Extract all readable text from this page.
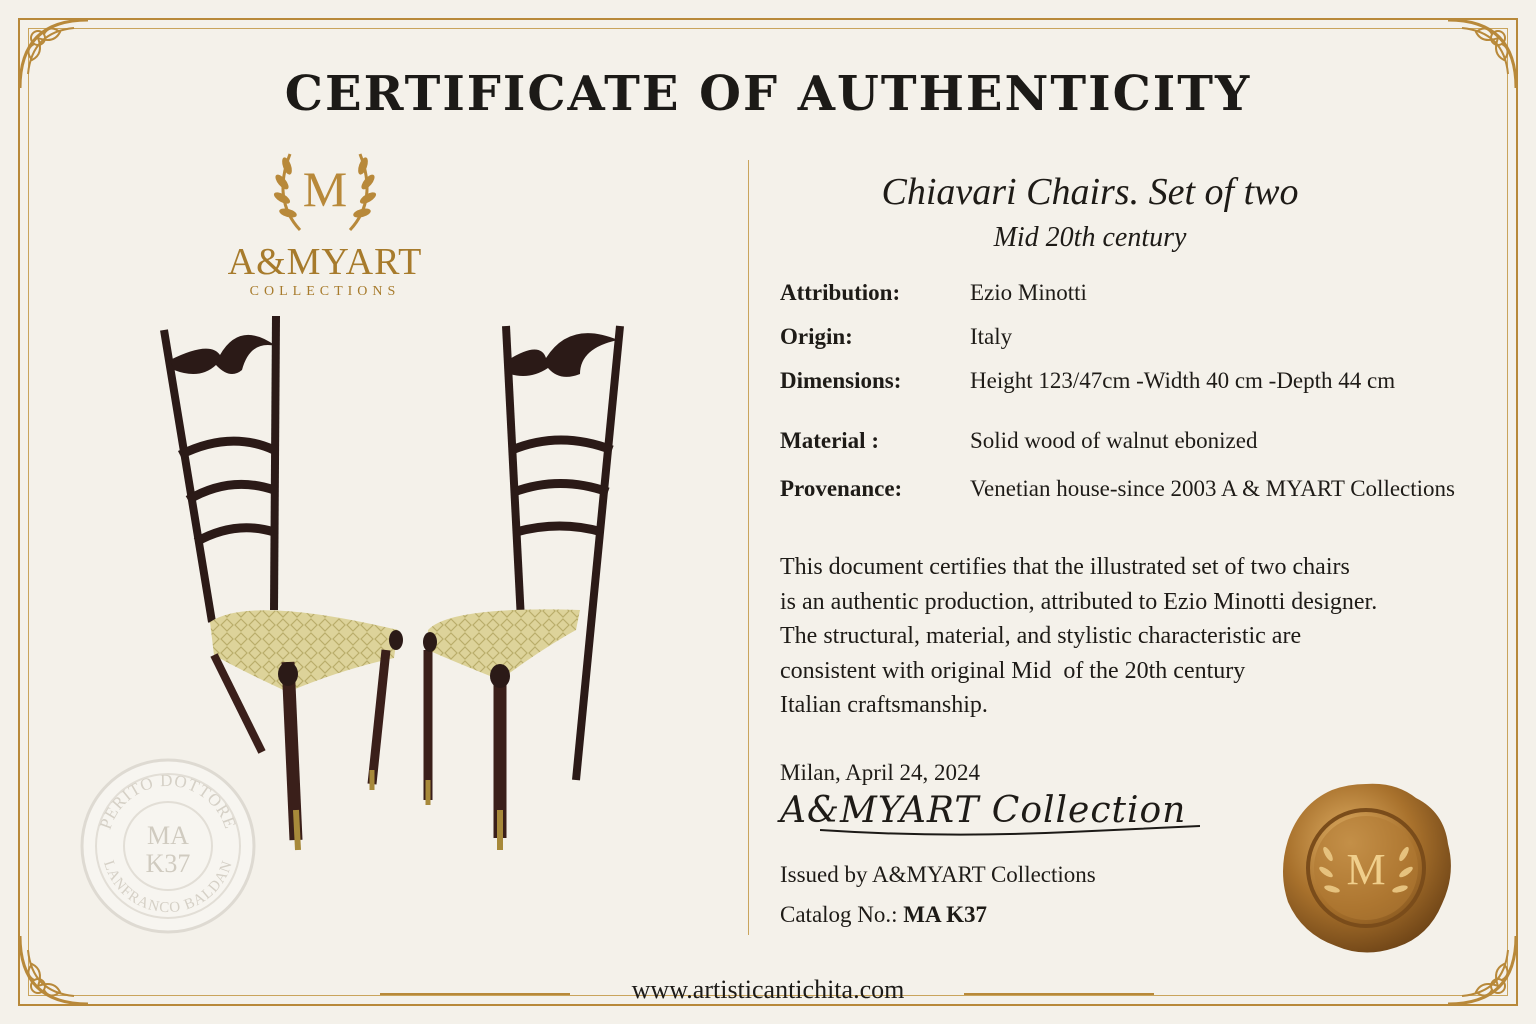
CERTIFICATE OF AUTHENTICITY
M
A&MYART
COLLECTIONS
PERITO DOTTORE
LANFRANCO BALDAN
MA
K37
Chiavari Chairs. Set of two
Mid 20th century
Attribution:	Ezio Minotti
Origin:	Italy
Dimensions:	Height 123/47cm -Width 40 cm -Depth 44 cm
Material :	Solid wood of walnut ebonized
Provenance:	Venetian house-since 2003 A & MYART Collections
This document certifies that the illustrated set of two chairs
is an authentic production, attributed to Ezio Minotti designer.
The structural, material, and stylistic characteristic are
consistent with original Mid  of the 20th century
Italian craftsmanship.
Milan, April 24, 2024
A&MYART Collection
Issued by A&MYART Collections
Catalog No.: MA K37
M
www.artisticantichita.com
